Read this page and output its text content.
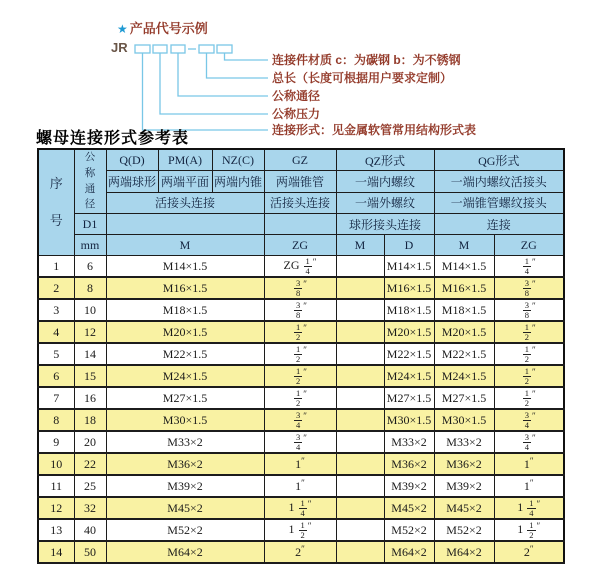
★ 产品代号示例
JR
连接件材质 c：为碳钢 b：为不锈钢
总长（长度可根据用户要求定制）
公称通径
公称压力
连接形式：见金属软管常用结构形式表
螺母连接形式参考表
序号	公称通径	Q(D)	PM(A)	NZ(C)	GZ	QZ形式		QG形式	
		两端球形	两端平面	两端内锥	两端锥管	一端内螺纹		一端内螺纹活接头	
		活接头连接			活接头连接	一端外螺纹		一端锥管螺纹接头	
	D1					球形接头连接		连接	
	mm	M			ZG	M	D	M	ZG
1	6	M14×1.5			ZG $\frac{1}{4} ''$		M14×1.5	M14×1.5	$\frac{1}{4} ''$
2	8	M16×1.5			$\frac{3}{8} ''$		M16×1.5	M16×1.5	$\frac{3}{8} ''$
3	10	M18×1.5			$\frac{3}{8} ''$		M18×1.5	M18×1.5	$\frac{3}{8} ''$
4	12	M20×1.5			$\frac{1}{2} ''$		M20×1.5	M20×1.5	$\frac{1}{2} ''$
5	14	M22×1.5			$\frac{1}{2} ''$		M22×1.5	M22×1.5	$\frac{1}{2} ''$
6	15	M24×1.5			$\frac{1}{2} ''$		M24×1.5	M24×1.5	$\frac{1}{2} ''$
7	16	M27×1.5			$\frac{1}{2} ''$		M27×1.5	M27×1.5	$\frac{1}{2} ''$
8	18	M30×1.5			$\frac{3}{4} ''$		M30×1.5	M30×1.5	$\frac{3}{4} ''$
9	20	M33×2			$\frac{3}{4} ''$		M33×2	M33×2	$\frac{3}{4} ''$
10	22	M36×2			1″		M36×2	M36×2	1″
11	25	M39×2			1″		M39×2	M39×2	1″
12	32	M45×2			$1 \frac{1}{4} ''$		M45×2	M45×2	$1 \frac{1}{4} ''$
13	40	M52×2			$1 \frac{1}{2} ''$		M52×2	M52×2	$1 \frac{1}{2} ''$
14	50	M64×2			2″		M64×2	M64×2	2″
